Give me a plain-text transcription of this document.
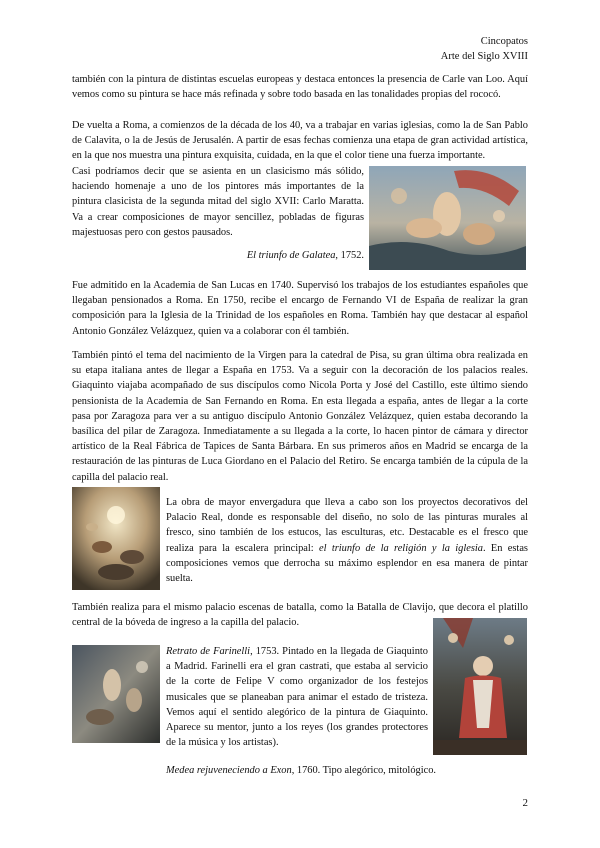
Cincopatos
Arte del Siglo XVIII

también con la pintura de distintas escuelas europeas y destaca entonces la presencia de Carle van Loo. Aquí vemos como su pintura se hace más refinada y sobre todo basada en las tonalidades propias del rococó.

De vuelta a Roma, a comienzos de la década de los 40, va a trabajar en varias iglesias, como la de San Pablo de Calavita, o la de Jesús de Jerusalén. A partir de esas fechas comienza una etapa de gran actividad artística, en la que nos muestra una pintura exquisita, cuidada, en la que el color tiene una fuerza importante.

Casi podríamos decir que se asienta en un clasicismo más sólido, haciendo homenaje a uno de los pintores más importantes de la pintura clasicista de la segunda mitad del siglo XVII: Carlo Maratta. Va a crear composiciones de mayor sencillez, pobladas de figuras majestuosas pero con gestos pausados.

El triunfo de Galatea, 1752.

Fue admitido en la Academia de San Lucas en 1740. Supervisó los trabajos de los estudiantes españoles que llegaban pensionados a Roma. En 1750, recibe el encargo de Fernando VI de España de realizar la gran composición para la Iglesia de la Trinidad de los españoles en Roma. También hay que destacar al español Antonio González Velázquez, quien va a colaborar con él también.

También pintó el tema del nacimiento de la Virgen para la catedral de Pisa, su gran última obra realizada en su etapa italiana antes de llegar a España en 1753. Va a seguir con la decoración de los palacios reales. Giaquinto viajaba acompañado de sus discípulos como Nicola Porta y José del Castillo, este último siendo pensionista de la Academia de San Fernando en Roma. En esta llegada a españa, antes de llegar a la corte pasa por Zaragoza para ver a su antiguo discípulo Antonio González Velázquez, quien estaba decorando la basílica del pilar de Zaragoza. Inmediatamente a su llegada a la corte, lo hacen pintor de cámara y director artístico de la Real Fábrica de Tapices de Santa Bárbara. En sus primeros años en Madrid se encarga de la restauración de las pinturas de Luca Giordano en el Palacio del Retiro. Se encarga también de la cúpula de la capilla del palacio real.

La obra de mayor envergadura que lleva a cabo son los proyectos decorativos del Palacio Real, donde es responsable del diseño, no solo de las pinturas murales al fresco, sino también de los estucos, las esculturas, etc. Destacable es el fresco que realiza para la escalera principal: el triunfo de la religión y la iglesia. En estas composiciones vemos que derrocha su máximo esplendor en esa manera de pintar suelta.

También realiza para el mismo palacio escenas de batalla, como la Batalla de Clavijo, que decora el platillo central de la bóveda de ingreso a la capilla del palacio.

Retrato de Farinelli, 1753. Pintado en la llegada de Giaquinto a Madrid. Farinelli era el gran castrati, que estaba al servicio de la corte de Felipe V como organizador de los festejos musicales que se planeaban para animar el estado de tristeza. Vemos aquí el sentido alegórico de la pintura de Giaquinto. Aparece su mentor, junto a los reyes (los grandes protectores de la música y los artistas).

Medea rejuveneciendo a Exon, 1760. Tipo alegórico, mitológico.

2
